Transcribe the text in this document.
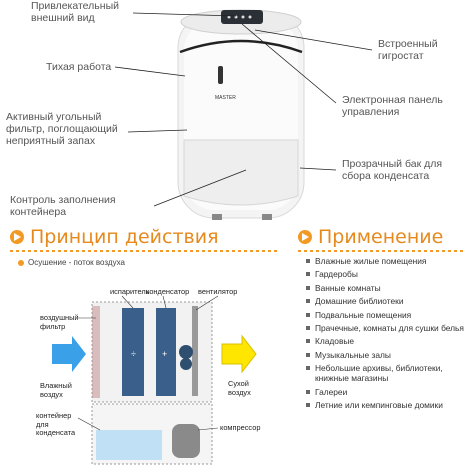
MASTER
Привлекательный
внешний вид
Тихая работа
Активный угольный
фильтр, поглощающий
неприятный запах
Контроль заполнения
контейнера
Встроенный
гигростат
Электронная панель
управления
Прозрачный бак для
сбора конденсата
Принцип действия	Применение
Осушение - поток воздуха
÷	+
испаритель
конденсатор вентилятор
воздушный
фильтр
Влажный
воздух
Сухой
воздух
контейнер
для
конденсата
компрессор
Влажные жилые помещения
Гардеробы
Ванные комнаты
Домашние библиотеки
Подвальные помещения
Прачечные, комнаты для сушки белья
Кладовые
Музыкальные залы
Небольшие архивы, библиотеки, книжные магазины
Галереи
Летние или кемпинговые домики
